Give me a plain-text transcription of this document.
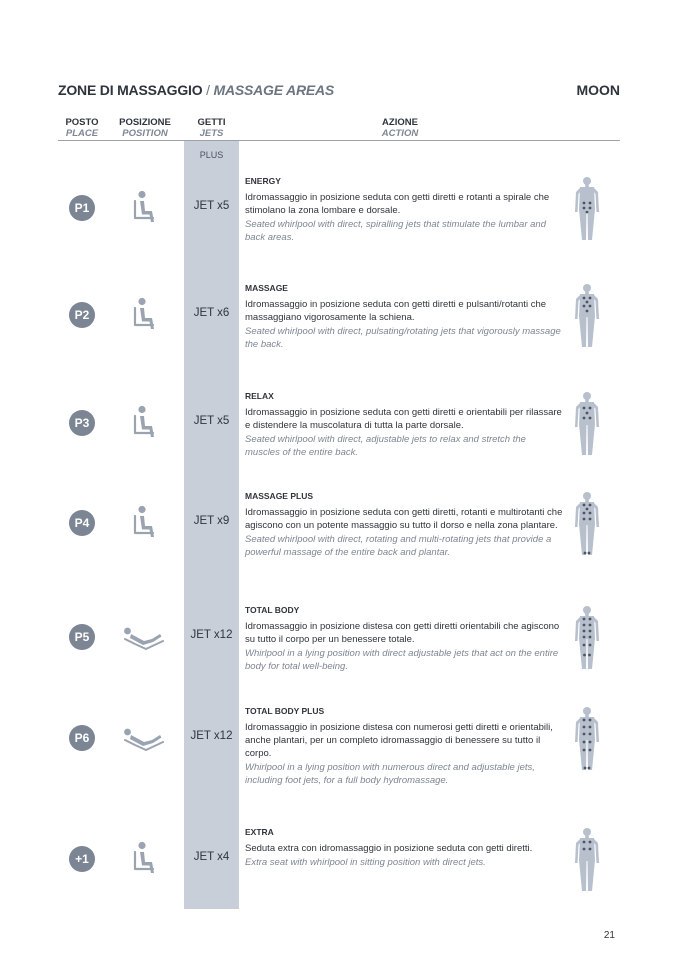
ZONE DI MASSAGGIO / MASSAGE AREAS	MOON
POSTO
PLACE
POSIZIONE
POSITION
GETTI
JETS
AZIONE
ACTION
PLUS
P1	JET x5
ENERGY
Idromassaggio in posizione seduta con getti diretti e rotanti a spirale che stimolano la zona lombare e dorsale.
Seated whirlpool with direct, spiralling jets that stimulate the lumbar and back areas.
P2	JET x6
MASSAGE
Idromassaggio in posizione seduta con getti diretti e pulsanti/rotanti che massaggiano vigorosamente la schiena.
Seated whirlpool with direct, pulsating/rotating jets that vigorously massage the back.
P3	JET x5
RELAX
Idromassaggio in posizione seduta con getti diretti e orientabili per rilassare e distendere la muscolatura di tutta la parte dorsale.
Seated whirlpool with direct, adjustable jets to relax and stretch the muscles of the entire back.
P4	JET x9
MASSAGE PLUS
Idromassaggio in posizione seduta con getti diretti, rotanti e multirotanti che agiscono con un potente massaggio su tutto il dorso e nella zona plantare.
Seated whirlpool with direct, rotating and multi-rotating jets that provide a powerful massage of the entire back and plantar.
P5	JET x12
TOTAL BODY
Idromassaggio in posizione distesa con getti diretti orientabili che agiscono su tutto il corpo per un benessere totale.
Whirlpool in a lying position with direct adjustable jets that act on the entire body for total well-being.
P6	JET x12
TOTAL BODY PLUS
Idromassaggio in posizione distesa con numerosi getti diretti e orientabili, anche plantari, per un completo idromassaggio di benessere su tutto il corpo.
Whirlpool in a lying position with numerous direct and adjustable jets, including foot jets, for a full body hydromassage.
+1	JET x4
EXTRA
Seduta extra con idromassaggio in posizione seduta con getti diretti.
Extra seat with whirlpool in sitting position with direct jets.
21
